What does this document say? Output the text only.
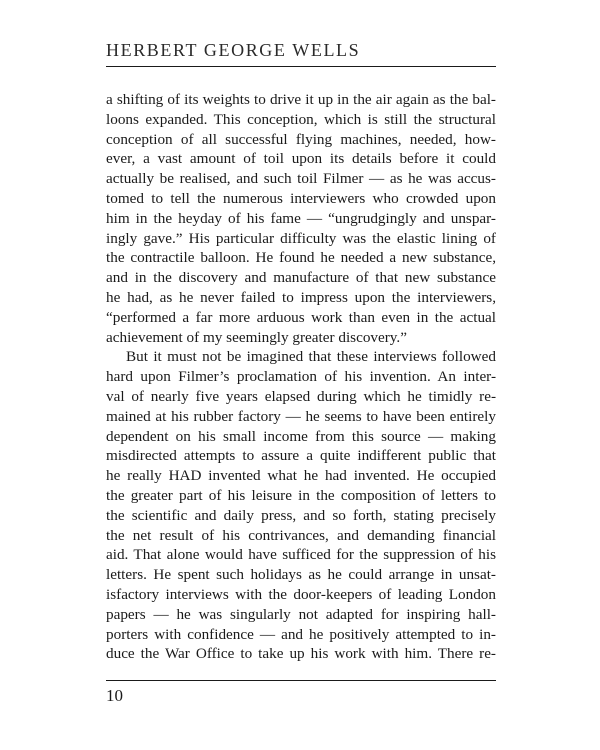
HERBERT GEORGE WELLS
a shifting of its weights to drive it up in the air again as the bal-
loons expanded. This conception, which is still the structural
conception of all successful flying machines, needed, how-
ever, a vast amount of toil upon its details before it could
actually be realised, and such toil Filmer — as he was accus-
tomed to tell the numerous interviewers who crowded upon
him in the heyday of his fame — “ungrudgingly and unspar-
ingly gave.” His particular difficulty was the elastic lining of
the contractile balloon. He found he needed a new substance,
and in the discovery and manufacture of that new substance
he had, as he never failed to impress upon the interviewers,
“performed a far more arduous work than even in the actual
achievement of my seemingly greater discovery.”
But it must not be imagined that these interviews followed
hard upon Filmer’s proclamation of his invention. An inter-
val of nearly five years elapsed during which he timidly re-
mained at his rubber factory — he seems to have been entirely
dependent on his small income from this source — making
misdirected attempts to assure a quite indifferent public that
he really HAD invented what he had invented. He occupied
the greater part of his leisure in the composition of letters to
the scientific and daily press, and so forth, stating precisely
the net result of his contrivances, and demanding financial
aid. That alone would have sufficed for the suppression of his
letters. He spent such holidays as he could arrange in unsat-
isfactory interviews with the door-keepers of leading London
papers — he was singularly not adapted for inspiring hall-
porters with confidence — and he positively attempted to in-
duce the War Office to take up his work with him. There re-
10
